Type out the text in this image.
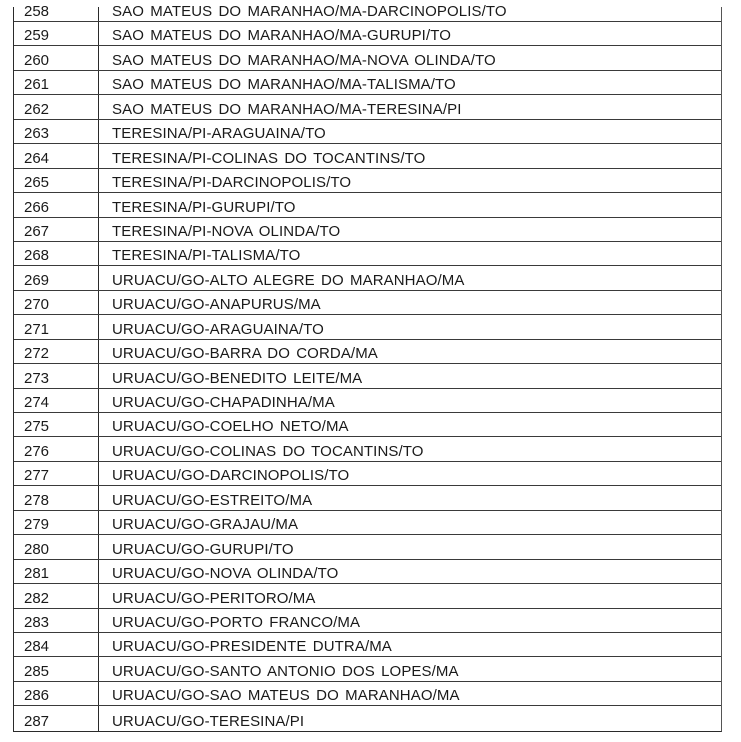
258	SAO MATEUS DO MARANHAO/MA-DARCINOPOLIS/TO
259	SAO MATEUS DO MARANHAO/MA-GURUPI/TO
260	SAO MATEUS DO MARANHAO/MA-NOVA OLINDA/TO
261	SAO MATEUS DO MARANHAO/MA-TALISMA/TO
262	SAO MATEUS DO MARANHAO/MA-TERESINA/PI
263	TERESINA/PI-ARAGUAINA/TO
264	TERESINA/PI-COLINAS DO TOCANTINS/TO
265	TERESINA/PI-DARCINOPOLIS/TO
266	TERESINA/PI-GURUPI/TO
267	TERESINA/PI-NOVA OLINDA/TO
268	TERESINA/PI-TALISMA/TO
269	URUACU/GO-ALTO ALEGRE DO MARANHAO/MA
270	URUACU/GO-ANAPURUS/MA
271	URUACU/GO-ARAGUAINA/TO
272	URUACU/GO-BARRA DO CORDA/MA
273	URUACU/GO-BENEDITO LEITE/MA
274	URUACU/GO-CHAPADINHA/MA
275	URUACU/GO-COELHO NETO/MA
276	URUACU/GO-COLINAS DO TOCANTINS/TO
277	URUACU/GO-DARCINOPOLIS/TO
278	URUACU/GO-ESTREITO/MA
279	URUACU/GO-GRAJAU/MA
280	URUACU/GO-GURUPI/TO
281	URUACU/GO-NOVA OLINDA/TO
282	URUACU/GO-PERITORO/MA
283	URUACU/GO-PORTO FRANCO/MA
284	URUACU/GO-PRESIDENTE DUTRA/MA
285	URUACU/GO-SANTO ANTONIO DOS LOPES/MA
286	URUACU/GO-SAO MATEUS DO MARANHAO/MA
287	URUACU/GO-TERESINA/PI
